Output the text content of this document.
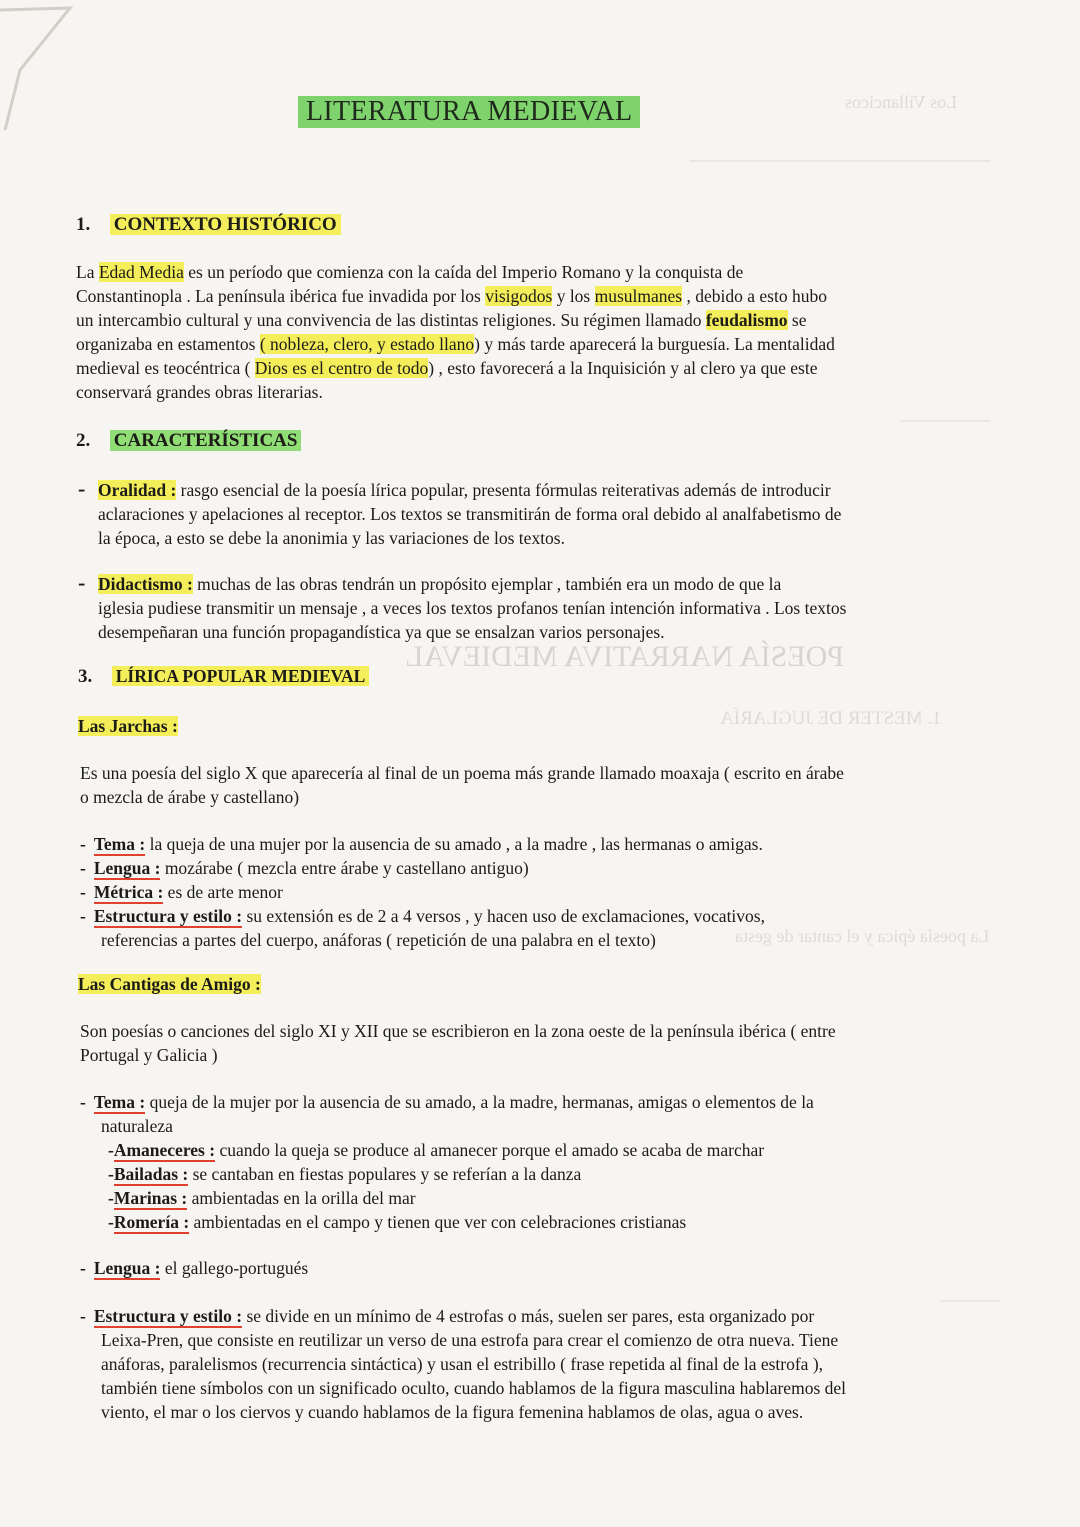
Los Villancicos
POESÍA NARRATIVA MEDIEVAL
1. MESTER DE JUGLARÍA
La poesía épica y el cantar de gesta
LITERATURA MEDIEVAL
1. CONTEXTO HISTÓRICO
La Edad Media es un período que comienza con la caída del Imperio Romano y la conquista de
Constantinopla . La península ibérica fue invadida por los visigodos y los musulmanes , debido a esto hubo
un intercambio cultural y una convivencia de las distintas religiones. Su régimen llamado feudalismo se
organizaba en estamentos ( nobleza, clero, y estado llano) y más tarde aparecerá la burguesía. La mentalidad
medieval es teocéntrica ( Dios es el centro de todo) , esto favorecerá a la Inquisición y al clero ya que este
conservará grandes obras literarias.
2. CARACTERÍSTICAS
- Oralidad : rasgo esencial de la poesía lírica popular, presenta fórmulas reiterativas además de introducir
aclaraciones y apelaciones al receptor. Los textos se transmitirán de forma oral debido al analfabetismo de
la época, a esto se debe la anonimia y las variaciones de los textos.
- Didactismo : muchas de las obras tendrán un propósito ejemplar , también era un modo de que la
iglesia pudiese transmitir un mensaje , a veces los textos profanos tenían intención informativa . Los textos
desempeñaran una función propagandística ya que se ensalzan varios personajes.
3. LÍRICA POPULAR MEDIEVAL
Las Jarchas :
Es una poesía del siglo X que aparecería al final de un poema más grande llamado moaxaja ( escrito en árabe
o mezcla de árabe y castellano)
- Tema : la queja de una mujer por la ausencia de su amado , a la madre , las hermanas o amigas.
- Lengua : mozárabe ( mezcla entre árabe y castellano antiguo)
- Métrica : es de arte menor
- Estructura y estilo : su extensión es de 2 a 4 versos , y hacen uso de exclamaciones, vocativos,
referencias a partes del cuerpo, anáforas ( repetición de una palabra en el texto)
Las Cantigas de Amigo :
Son poesías o canciones del siglo XI y XII que se escribieron en la zona oeste de la península ibérica ( entre
Portugal y Galicia )
- Tema : queja de la mujer por la ausencia de su amado, a la madre, hermanas, amigas o elementos de la
naturaleza
-Amaneceres : cuando la queja se produce al amanecer porque el amado se acaba de marchar
-Bailadas : se cantaban en fiestas populares y se referían a la danza
-Marinas : ambientadas en la orilla del mar
-Romería : ambientadas en el campo y tienen que ver con celebraciones cristianas
- Lengua : el gallego-portugués
- Estructura y estilo : se divide en un mínimo de 4 estrofas o más, suelen ser pares, esta organizado por
Leixa-Pren, que consiste en reutilizar un verso de una estrofa para crear el comienzo de otra nueva. Tiene
anáforas, paralelismos (recurrencia sintáctica) y usan el estribillo ( frase repetida al final de la estrofa ),
también tiene símbolos con un significado oculto, cuando hablamos de la figura masculina hablaremos del
viento, el mar o los ciervos y cuando hablamos de la figura femenina hablamos de olas, agua o aves.
